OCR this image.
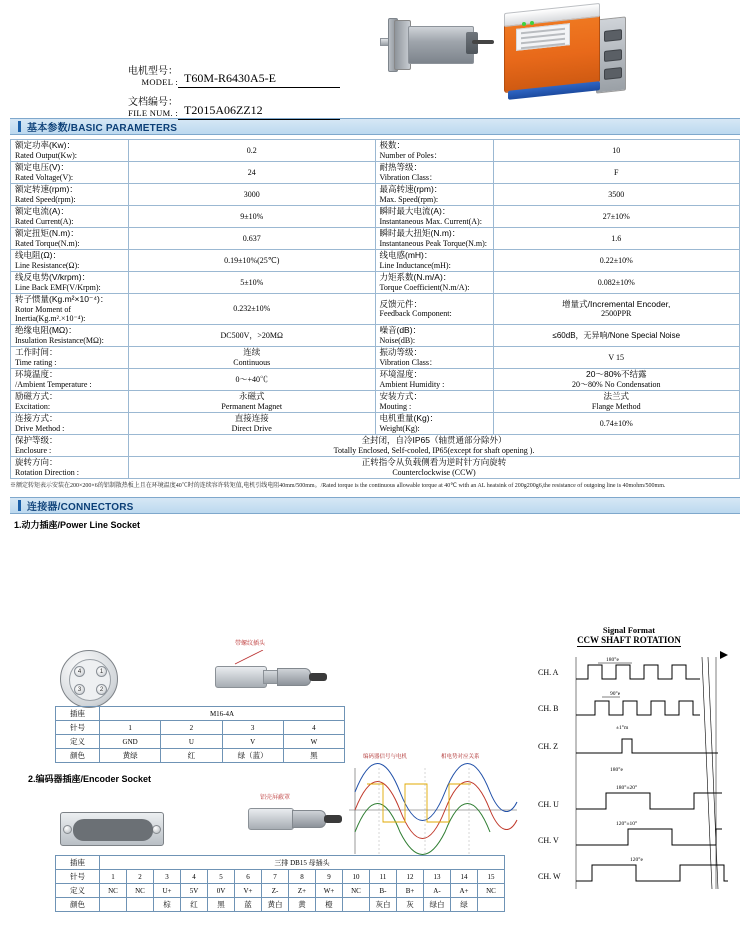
电机型号：
MODEL : T60M-R6430A5-E
文档编号：
FILE NUM. : T2015A06ZZ12
基本参数/BASIC PARAMETERS
额定功率(Kw)：
Rated Output(Kw):	0.2	极数：
Number of Poles：	10
额定电压(V)：
Rated Voltage(V):	24	耐热等级：
Vibration Class：	F
额定转速(rpm)：
Rated Speed(rpm):	3000	最高转速(rpm)：
Max. Speed(rpm):	3500
额定电流(A)：
Rated Current(A):	9±10%	瞬时最大电流(A)：
Instantaneous Max. Current(A):	27±10%
额定扭矩(N.m)：
Rated Torque(N.m):	0.637	瞬时最大扭矩(N.m)：
Instantaneous Peak Torque(N.m):	1.6
线电阻(Ω)：
Line Resistance(Ω):	0.19±10%(25℃)	线电感(mH)：
Line Inductance(mH):	0.22±10%
线反电势(V/krpm)：
Line Back EMF(V/Krpm):	5±10%	力矩系数(N.m/A)：
Torque Coefficient(N.m/A):	0.082±10%
转子惯量(Kg.m²×10⁻⁴)：
Rotor Moment of Inertia(Kg.m².×10⁻⁴):	0.232±10%	反馈元件：
Feedback Component:	增量式/Incremental Encoder,
2500PPR

绝缘电阻(MΩ)：
Insulation Resistance(MΩ):	DC500V，>20MΩ	噪音(dB)：
Noise(dB):	≤60dB，无异响/None Special Noise
工作时间：
Time rating :	连续
Continuous	振动等级：
Vibration Class：	V 15
环境温度：
/Ambient Temperature :	0～+40℃	环境湿度：
Ambient Humidity :	20～80%不结露
20～80% No Condensation

励磁方式：
Excitation:	永磁式
Permanent Magnet	安装方式：
Mouting :	法兰式
Flange Method

连接方式：
Drive Method :	直接连接
Direct Drive	电机重量(Kg)：
Weight(Kg):	0.74±10%
保护等级：
Enclosure :	全封闭，自冷IP65（轴贯通部分除外）
Totally Enclosed, Self-cooled, IP65(except for shaft opening ).		

旋转方向：
Rotation Direction :	正转指令从负载侧看为逆时针方向旋转
Counterclockwise (CCW)		
※额定转矩表示安装在200×200×6的铝制散热板上且在环境温度40℃时的连续容许转矩值,电机引线电阻40mm/500mm。/Rated torque is the continuous allowable torque at 40℃ with an AL heatsink of 200g200g6,the resistance of outgoing line is 40mohm/500mm.
连接器/CONNECTORS
1.动力插座/Power Line Socket
4	1
3	2
带螺纹插头
插座	M16-4A			
针号	1	2	3	4
定义	GND	U	V	W
颜色	黄绿	红	绿（蓝）	黑
2.编码器插座/Encoder Socket
铝壳屏蔽罩
编码器信号与电机	相电势对应关系
Signal Format
CCW SHAFT ROTATION
CH. A
180°e
CH. B
90°e
CH. Z
±1°m
180°e
CH. U
180°±20°
CH. V
120°±10°
CH. W
120°e
插座	三排 DB15 母插头														
针号	1	2	3	4	5	6	7	8	9	10	11	12	13	14	15
定义	NC	NC	U+	5V	0V	V+	Z-	Z+	W+	NC	B-	B+	A-	A+	NC
颜色			棕	红	黑	蓝	黄白	黄	橙		灰白	灰	绿白	绿	
